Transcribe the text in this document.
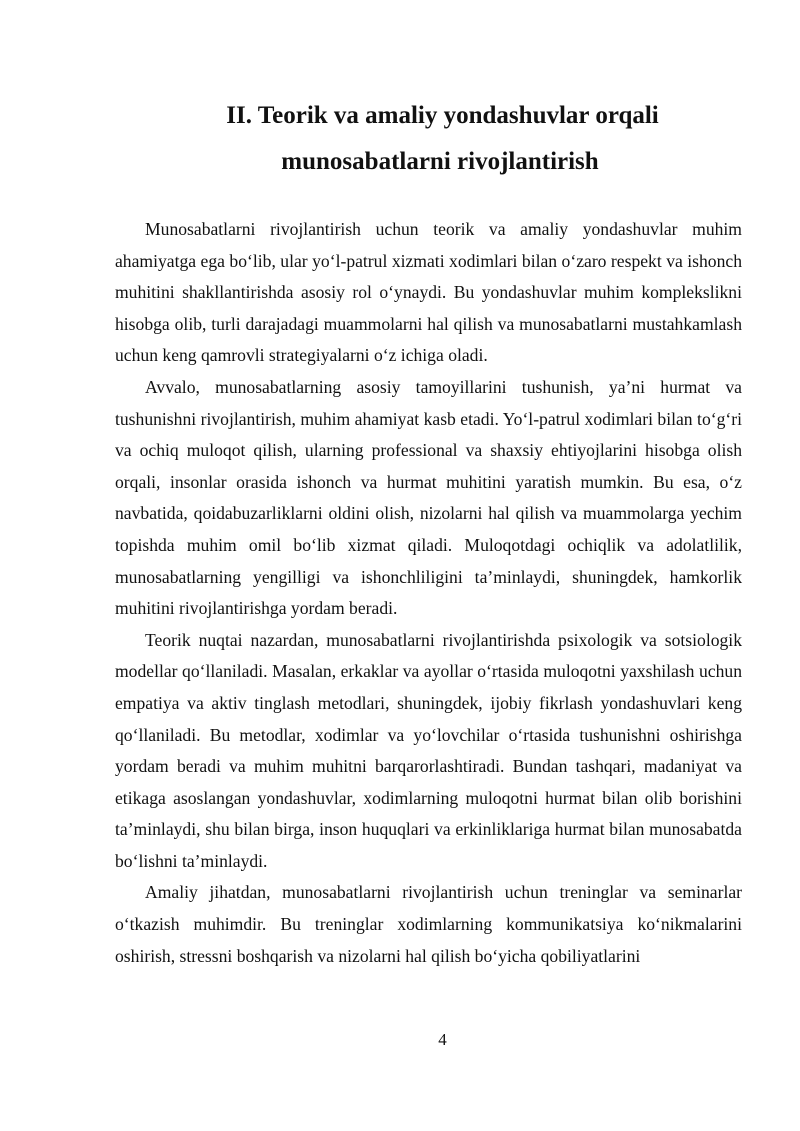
II. Teorik va amaliy yondashuvlar orqali
munosabatlarni rivojlantirish

Munosabatlarni rivojlantirish uchun teorik va amaliy yondashuvlar muhim ahamiyatga ega bo‘lib, ular yo‘l-patrul xizmati xodimlari bilan o‘zaro respekt va ishonch muhitini shakllantirishda asosiy rol o‘ynaydi. Bu yondashuvlar muhim komplekslikni hisobga olib, turli darajadagi muammolarni hal qilish va munosabatlarni mustahkamlash uchun keng qamrovli strategiyalarni o‘z ichiga oladi.

Avvalo, munosabatlarning asosiy tamoyillarini tushunish, ya’ni hurmat va tushunishni rivojlantirish, muhim ahamiyat kasb etadi. Yo‘l-patrul xodimlari bilan to‘g‘ri va ochiq muloqot qilish, ularning professional va shaxsiy ehtiyojlarini hisobga olish orqali, insonlar orasida ishonch va hurmat muhitini yaratish mumkin. Bu esa, o‘z navbatida, qoidabuzarliklarni oldini olish, nizolarni hal qilish va muammolarga yechim topishda muhim omil bo‘lib xizmat qiladi. Muloqotdagi ochiqlik va adolatlilik, munosabatlarning yengilligi va ishonchliligini ta’minlaydi, shuningdek, hamkorlik muhitini rivojlantirishga yordam beradi.

Teorik nuqtai nazardan, munosabatlarni rivojlantirishda psixologik va sotsiologik modellar qo‘llaniladi. Masalan, erkaklar va ayollar o‘rtasida muloqotni yaxshilash uchun empatiya va aktiv tinglash metodlari, shuningdek, ijobiy fikrlash yondashuvlari keng qo‘llaniladi. Bu metodlar, xodimlar va yo‘lovchilar o‘rtasida tushunishni oshirishga yordam beradi va muhim muhitni barqarorlashtiradi. Bundan tashqari, madaniyat va etikaga asoslangan yondashuvlar, xodimlarning muloqotni hurmat bilan olib borishini ta’minlaydi, shu bilan birga, inson huquqlari va erkinliklariga hurmat bilan munosabatda bo‘lishni ta’minlaydi.

Amaliy jihatdan, munosabatlarni rivojlantirish uchun treninglar va seminarlar o‘tkazish muhimdir. Bu treninglar xodimlarning kommunikatsiya ko‘nikmalarini oshirish, stressni boshqarish va nizolarni hal qilish bo‘yicha qobiliyatlarini

4
